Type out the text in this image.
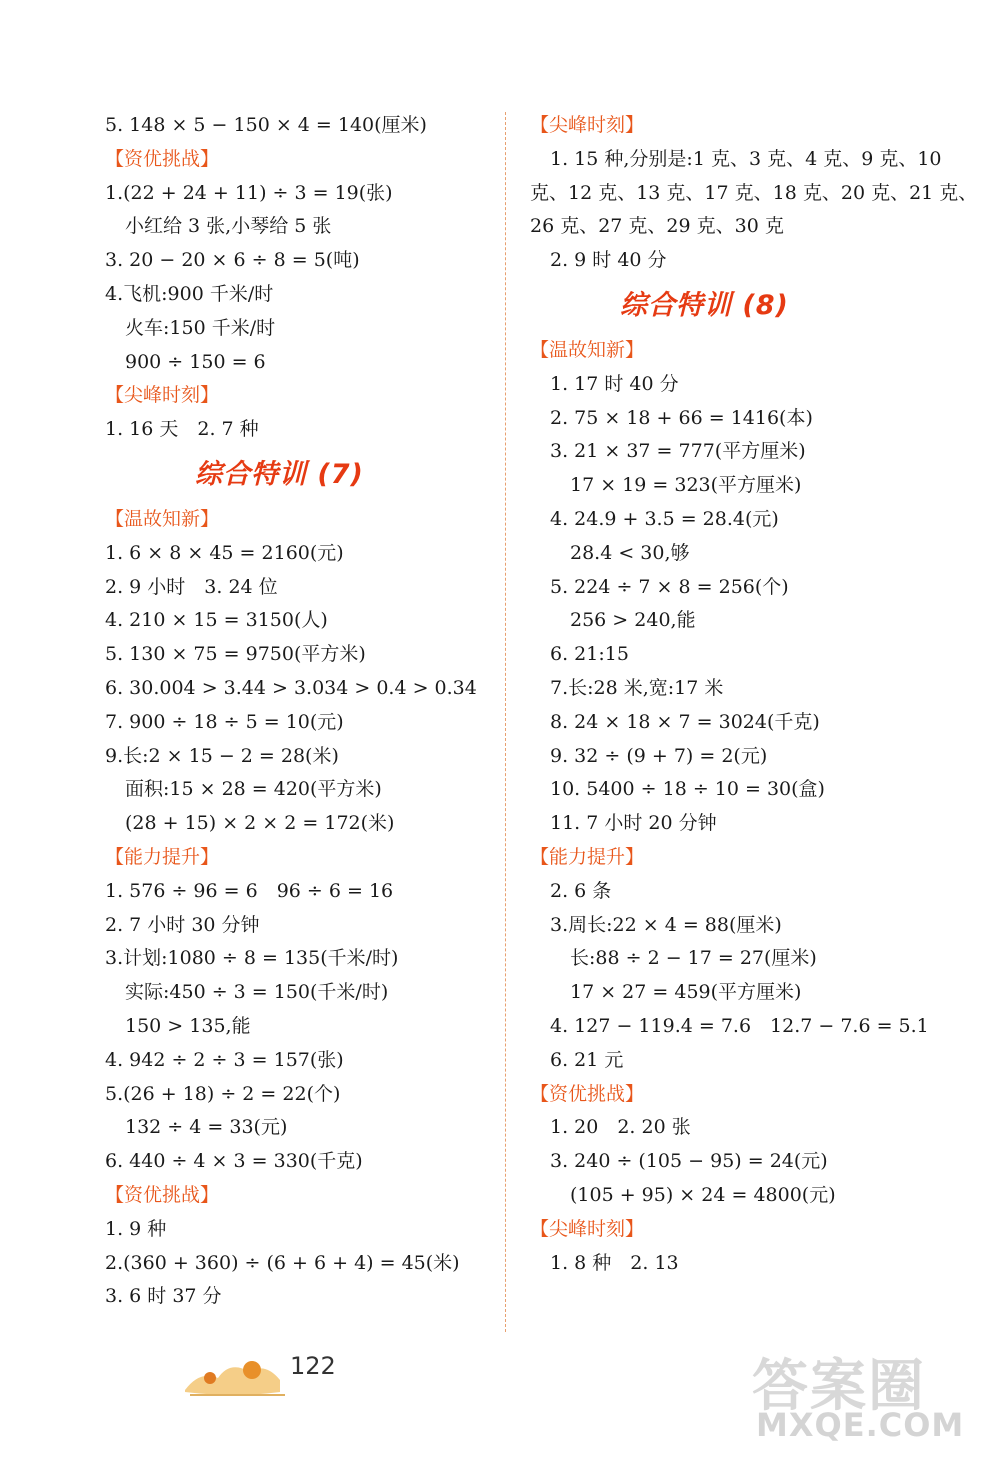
5. 148 × 5 − 150 × 4 = 140(厘米)
【资优挑战】
1.(22 + 24 + 11) ÷ 3 = 19(张)
小红给 3 张,小琴给 5 张
3. 20 − 20 × 6 ÷ 8 = 5(吨)
4.飞机:900 千米/时
火车:150 千米/时
900 ÷ 150 = 6
【尖峰时刻】
1. 16 天　2. 7 种
综合特训 (7)
【温故知新】
1. 6 × 8 × 45 = 2160(元)
2. 9 小时　3. 24 位
4. 210 × 15 = 3150(人)
5. 130 × 75 = 9750(平方米)
6. 30.004 > 3.44 > 3.034 > 0.4 > 0.34
7. 900 ÷ 18 ÷ 5 = 10(元)
9.长:2 × 15 − 2 = 28(米)
面积:15 × 28 = 420(平方米)
(28 + 15) × 2 × 2 = 172(米)
【能力提升】
1. 576 ÷ 96 = 6　96 ÷ 6 = 16
2. 7 小时 30 分钟
3.计划:1080 ÷ 8 = 135(千米/时)
实际:450 ÷ 3 = 150(千米/时)
150 > 135,能
4. 942 ÷ 2 ÷ 3 = 157(张)
5.(26 + 18) ÷ 2 = 22(个)
132 ÷ 4 = 33(元)
6. 440 ÷ 4 × 3 = 330(千克)
【资优挑战】
1. 9 种
2.(360 + 360) ÷ (6 + 6 + 4) = 45(米)
3. 6 时 37 分
【尖峰时刻】
1. 15 种,分别是:1 克、3 克、4 克、9 克、10
克、12 克、13 克、17 克、18 克、20 克、21 克、
26 克、27 克、29 克、30 克
2. 9 时 40 分
综合特训 (8)
【温故知新】
1. 17 时 40 分
2. 75 × 18 + 66 = 1416(本)
3. 21 × 37 = 777(平方厘米)
17 × 19 = 323(平方厘米)
4. 24.9 + 3.5 = 28.4(元)
28.4 < 30,够
5. 224 ÷ 7 × 8 = 256(个)
256 > 240,能
6. 21:15
7.长:28 米,宽:17 米
8. 24 × 18 × 7 = 3024(千克)
9. 32 ÷ (9 + 7) = 2(元)
10. 5400 ÷ 18 ÷ 10 = 30(盒)
11. 7 小时 20 分钟
【能力提升】
2. 6 条
3.周长:22 × 4 = 88(厘米)
长:88 ÷ 2 − 17 = 27(厘米)
17 × 27 = 459(平方厘米)
4. 127 − 119.4 = 7.6　12.7 − 7.6 = 5.1
6. 21 元
【资优挑战】
1. 20　2. 20 张
3. 240 ÷ (105 − 95) = 24(元)
(105 + 95) × 24 = 4800(元)
【尖峰时刻】
1. 8 种　2. 13
122	答案圈
MXQE.COM
